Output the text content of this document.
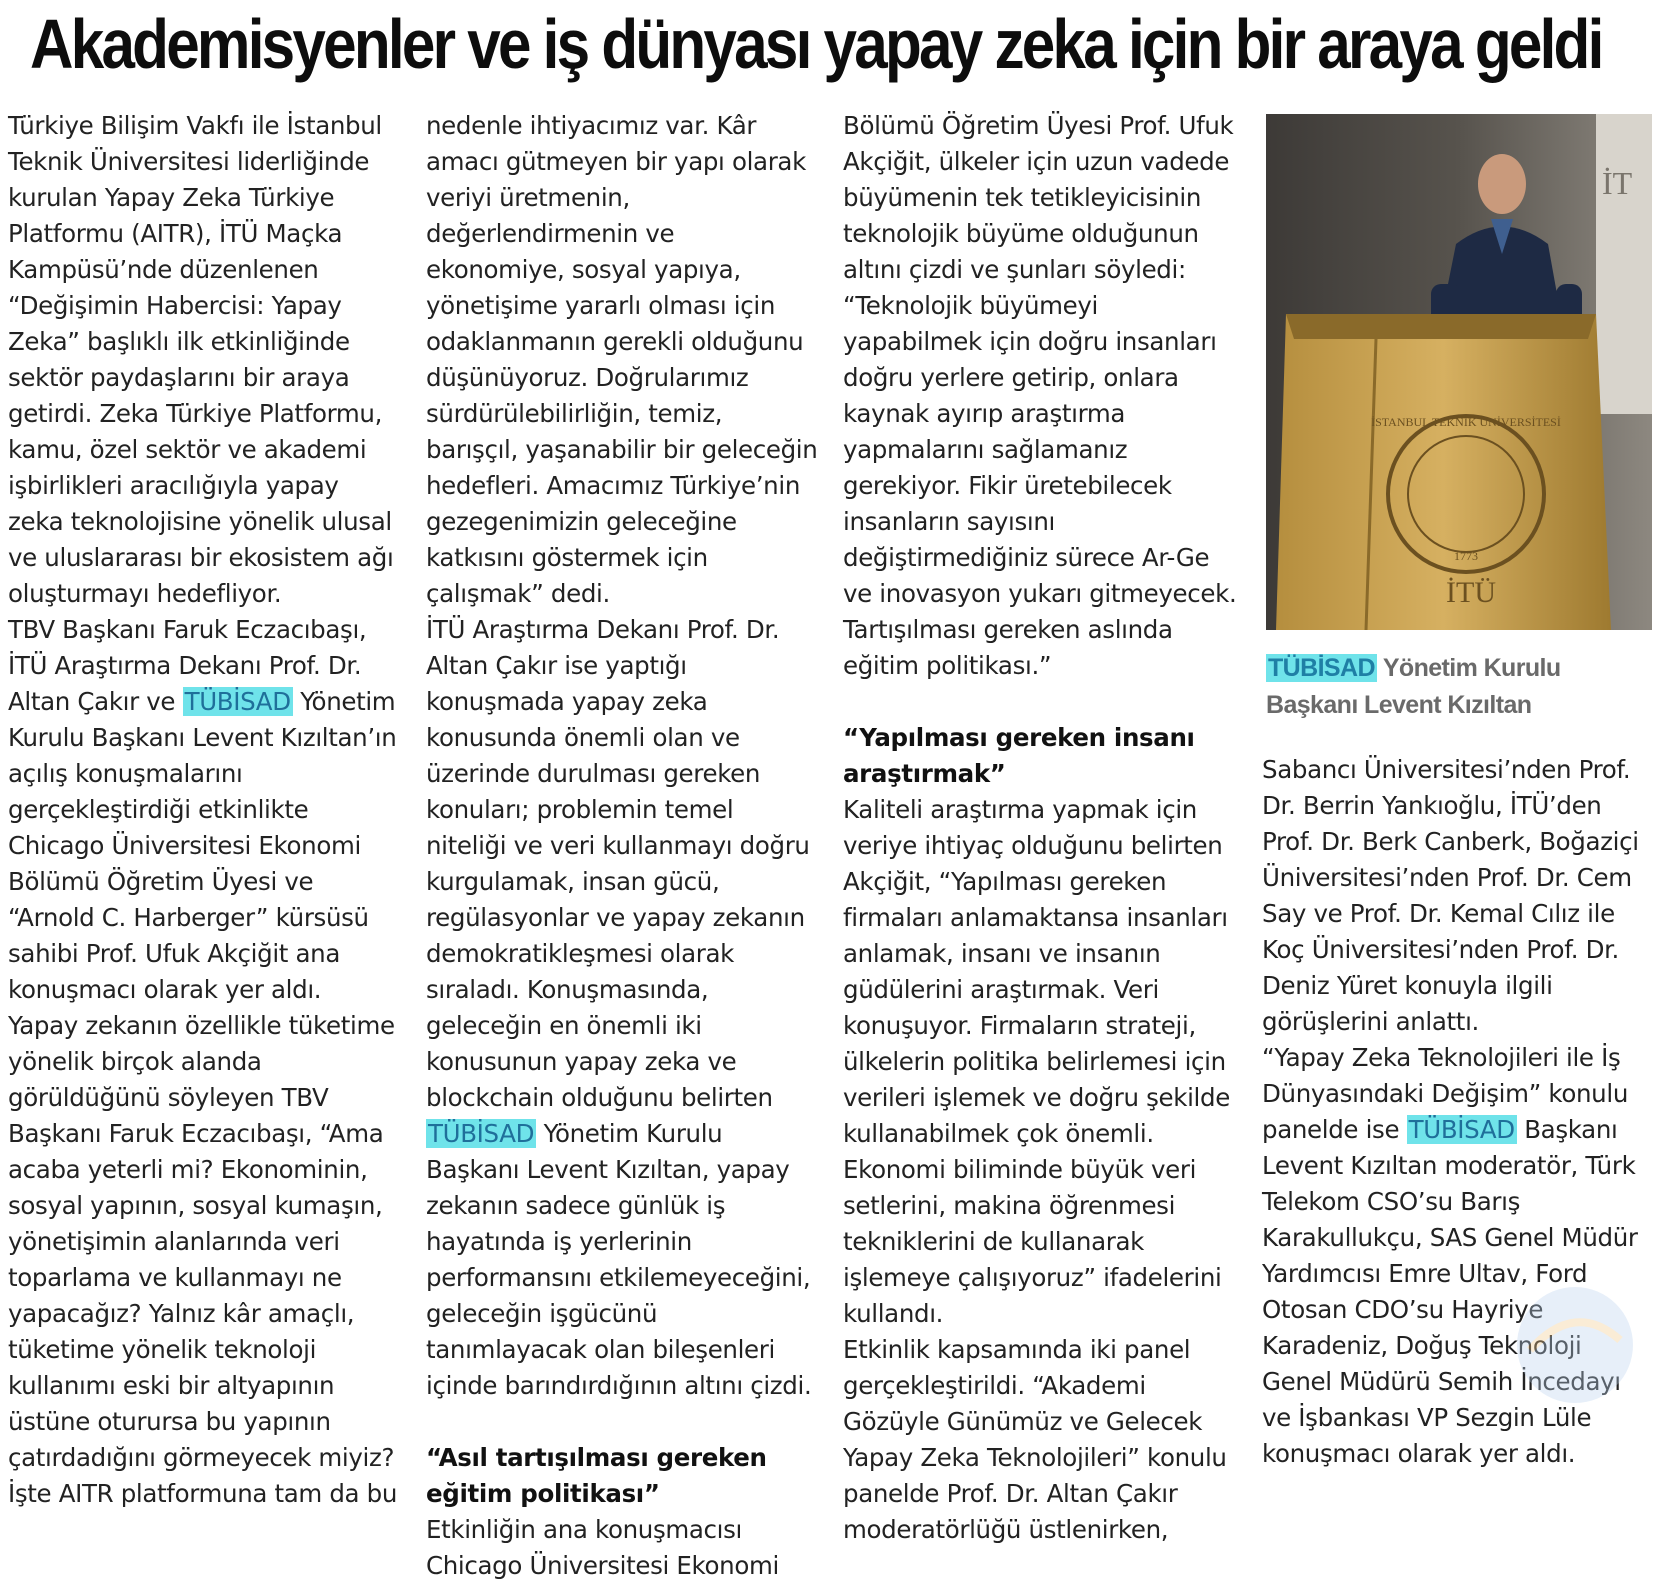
Akademisyenler ve iş dünyası yapay zeka için bir araya geldi

Türkiye Bilişim Vakfı ile İstanbul Teknik Üniversitesi liderliğinde kurulan Yapay Zeka Türkiye Platformu (AITR), İTÜ Maçka Kampüsü’nde düzenlenen “Değişimin Habercisi: Yapay Zeka” başlıklı ilk etkinliğinde sektör paydaşlarını bir araya getirdi. Zeka Türkiye Platformu, kamu, özel sektör ve akademi işbirlikleri aracılığıyla yapay zeka teknolojisine yönelik ulusal ve uluslararası bir ekosistem ağı oluşturmayı hedefliyor.

TBV Başkanı Faruk Eczacıbaşı, İTÜ Araştırma Dekanı Prof. Dr. Altan Çakır ve TÜBİSAD Yönetim Kurulu Başkanı Levent Kızıltan’ın açılış konuşmalarını gerçekleştirdiği etkinlikte Chicago Üniversitesi Ekonomi Bölümü Öğretim Üyesi ve “Arnold C. Harberger” kürsüsü sahibi Prof. Ufuk Akçiğit ana konuşmacı olarak yer aldı.

Yapay zekanın özellikle tüketime yönelik birçok alanda görüldüğünü söyleyen TBV Başkanı Faruk Eczacıbaşı, “Ama acaba yeterli mi? Ekonominin, sosyal yapının, sosyal kumaşın, yönetişimin alanlarında veri toparlama ve kullanmayı ne yapacağız? Yalnız kâr amaçlı, tüketime yönelik teknoloji kullanımı eski bir altyapının üstüne oturursa bu yapının çatırdadığını görmeyecek miyiz? İşte AITR platformuna tam da bu

nedenle ihtiyacımız var. Kâr amacı gütmeyen bir yapı olarak veriyi üretmenin, değerlendirmenin ve ekonomiye, sosyal yapıya, yönetişime yararlı olması için odaklanmanın gerekli olduğunu düşünüyoruz. Doğrularımız sürdürülebilirliğin, temiz, barışçıl, yaşanabilir bir geleceğin hedefleri. Amacımız Türkiye’nin gezegenimizin geleceğine katkısını göstermek için çalışmak” dedi.

İTÜ Araştırma Dekanı Prof. Dr. Altan Çakır ise yaptığı konuşmada yapay zeka konusunda önemli olan ve üzerinde durulması gereken konuları; problemin temel niteliği ve veri kullanmayı doğru kurgulamak, insan gücü, regülasyonlar ve yapay zekanın demokratikleşmesi olarak sıraladı. Konuşmasında, geleceğin en önemli iki konusunun yapay zeka ve blockchain olduğunu belirten TÜBİSAD Yönetim Kurulu Başkanı Levent Kızıltan, yapay zekanın sadece günlük iş hayatında iş yerlerinin performansını etkilemeyeceğini, geleceğin işgücünü tanımlayacak olan bileşenleri içinde barındırdığının altını çizdi.

“Asıl tartışılması gereken eğitim politikası”

Etkinliğin ana konuşmacısı Chicago Üniversitesi Ekonomi

Bölümü Öğretim Üyesi Prof. Ufuk Akçiğit, ülkeler için uzun vadede büyümenin tek tetikleyicisinin teknolojik büyüme olduğunun altını çizdi ve şunları söyledi: “Teknolojik büyümeyi yapabilmek için doğru insanları doğru yerlere getirip, onlara kaynak ayırıp araştırma yapmalarını sağlamanız gerekiyor. Fikir üretebilecek insanların sayısını değiştirmediğiniz sürece Ar-Ge ve inovasyon yukarı gitmeyecek. Tartışılması gereken aslında eğitim politikası.”

“Yapılması gereken insanı araştırmak”

Kaliteli araştırma yapmak için veriye ihtiyaç olduğunu belirten Akçiğit, “Yapılması gereken firmaları anlamaktansa insanları anlamak, insanı ve insanın güdülerini araştırmak. Veri konuşuyor. Firmaların strateji, ülkelerin politika belirlemesi için verileri işlemek ve doğru şekilde kullanabilmek çok önemli. Ekonomi biliminde büyük veri setlerini, makina öğrenmesi tekniklerini de kullanarak işlemeye çalışıyoruz” ifadelerini kullandı.

Etkinlik kapsamında iki panel gerçekleştirildi. “Akademi Gözüyle Günümüz ve Gelecek Yapay Zeka Teknolojileri” konulu panelde Prof. Dr. Altan Çakır moderatörlüğü üstlenirken,

İT
İSTANBUL TEKNİK ÜNİVERSİTESİ
1773
İTÜ
TÜBİSAD Yönetim Kurulu Başkanı Levent Kızıltan

Sabancı Üniversitesi’nden Prof. Dr. Berrin Yankıoğlu, İTÜ’den Prof. Dr. Berk Canberk, Boğaziçi Üniversitesi’nden Prof. Dr. Cem Say ve Prof. Dr. Kemal Cılız ile Koç Üniversitesi’nden Prof. Dr. Deniz Yüret konuyla ilgili görüşlerini anlattı.

“Yapay Zeka Teknolojileri ile İş Dünyasındaki Değişim” konulu panelde ise TÜBİSAD Başkanı Levent Kızıltan moderatör, Türk Telekom CSO’su Barış Karakullukçu, SAS Genel Müdür Yardımcısı Emre Ultav, Ford Otosan CDO’su Hayriye Karadeniz, Doğuş Teknoloji Genel Müdürü Semih İncedayı ve İşbankası VP Sezgin Lüle konuşmacı olarak yer aldı.
